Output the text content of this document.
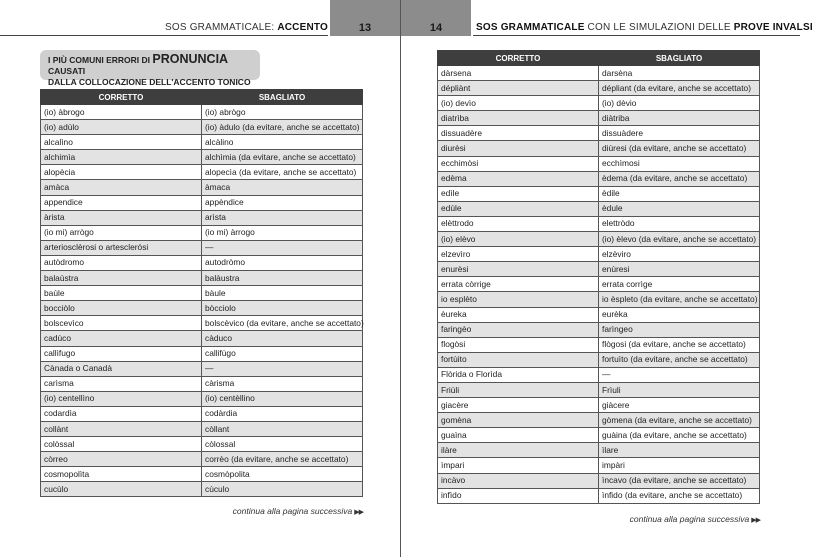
SOS GRAMMATICALE: ACCENTO	13
I PIÙ COMUNI ERRORI DI PRONUNCIA CAUSATI
DALLA COLLOCAZIONE DELL'ACCENTO TONICO
CORRETTO	SBAGLIATO
(io) àbrogo	(io) abrògo
(io) adùlo	(io) àdulo (da evitare, anche se accettato)
alcalìno	alcàlino
alchimìa	alchìmia (da evitare, anche se accettato)
alopècia	alopecìa (da evitare, anche se accettato)
amàca	àmaca
appendice	appèndice
àrista	arìsta
(io mi) arrògo	(io mi) àrrogo
arteriosclèrosi o artesclerósi	—
autòdromo	autodròmo
balaùstra	balàustra
baùle	bàule
bocciòlo	bòcciolo
bolscevìco	bolscèvico (da evitare, anche se accettato)
cadùco	càduco
callìfugo	callifùgo
Cànada o Canadà	—
carìsma	càrisma
(io) centellìno	(io) centèllino
codardìa	codàrdia
collànt	còllant
colòssal	còlossal
còrreo	corrèo (da evitare, anche se accettato)
cosmopolìta	cosmòpolita
cucùlo	cùculo
continua alla pagina successiva ▶▶
14	SOS GRAMMATICALE CON LE SIMULAZIONI DELLE PROVE INVALSI
CORRETTO	SBAGLIATO
dàrsena	darsèna
dépliànt	dépliant (da evitare, anche se accettato)
(io) devìo	(io) dèvio
diatrìba	diàtriba
dissuadère	dissuàdere
diurèsi	diùresi (da evitare, anche se accettato)
ecchimòsi	ecchìmosi
edèma	èdema (da evitare, anche se accettato)
edìle	èdile
edùle	èdule
elèttrodo	elettròdo
(io) elèvo	(io) èlevo (da evitare, anche se accettato)
elzevìro	elzèviro
enurèsi	enùresi
errata còrrige	errata corrìge
io esplèto	io èspleto (da evitare, anche se accettato)
èureka	eurèka
faringèo	farìngeo
flogòsi	flògosi (da evitare, anche se accettato)
fortùito	fortuìto (da evitare, anche se accettato)
Flòrida o Florìda	—
Friùli	Frìuli
giacère	giàcere
gomèna	gòmena (da evitare, anche se accettato)
guaìna	guàina (da evitare, anche se accettato)
ilàre	ìlare
ìmpari	impàri
incàvo	ìncavo (da evitare, anche se accettato)
infìdo	ìnfido (da evitare, anche se accettato)
continua alla pagina successiva ▶▶
